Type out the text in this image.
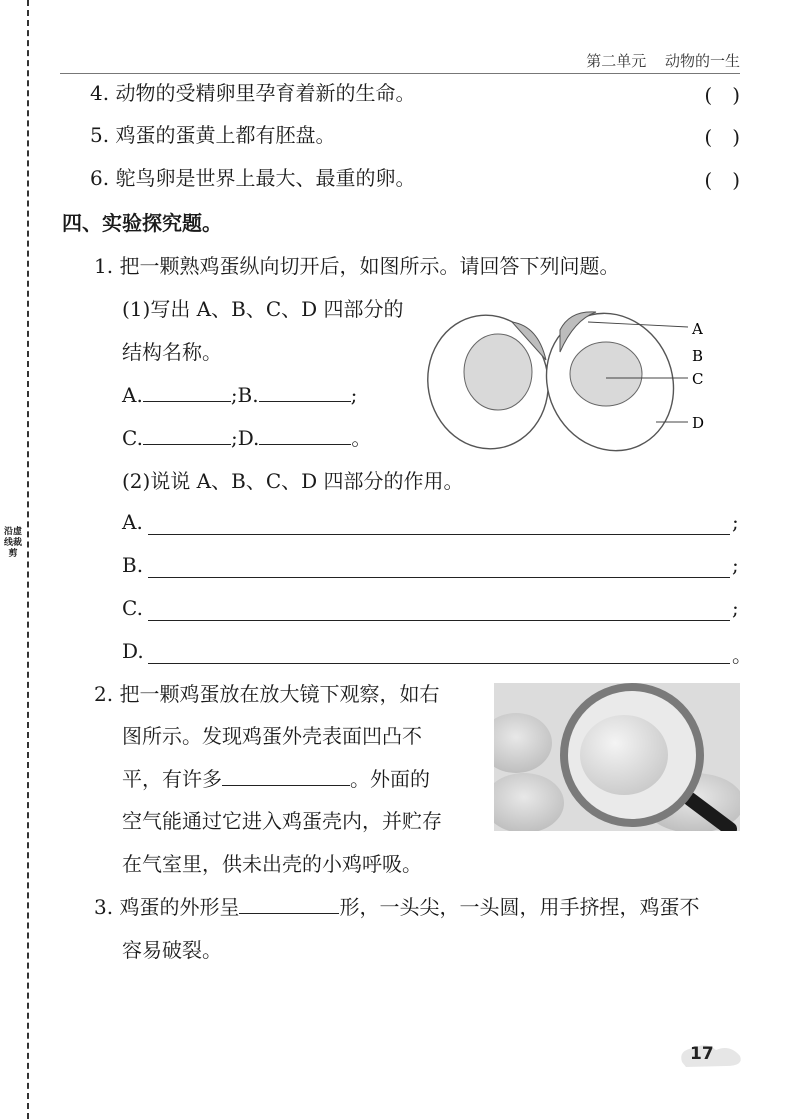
沿虚线裁剪
第二单元 动物的一生
4. 动物的受精卵里孕育着新的生命。	(　)
5. 鸡蛋的蛋黄上都有胚盘。	(　)
6. 鸵鸟卵是世界上最大、最重的卵。	(　)
四、实验探究题。
1. 把一颗熟鸡蛋纵向切开后，如图所示。请回答下列问题。
(1)写出 A、B、C、D 四部分的
结构名称。
A.	;B.	;
C.	;D.	。
A
B
C
D
(2)说说 A、B、C、D 四部分的作用。
A.	;
B.	;
C.	;
D.	。
2. 把一颗鸡蛋放在放大镜下观察，如右
图所示。发现鸡蛋外壳表面凹凸不
平，有许多	。外面的
空气能通过它进入鸡蛋壳内，并贮存
在气室里，供未出壳的小鸡呼吸。
3. 鸡蛋的外形呈	形，一头尖，一头圆，用手挤捏，鸡蛋不
容易破裂。
17
